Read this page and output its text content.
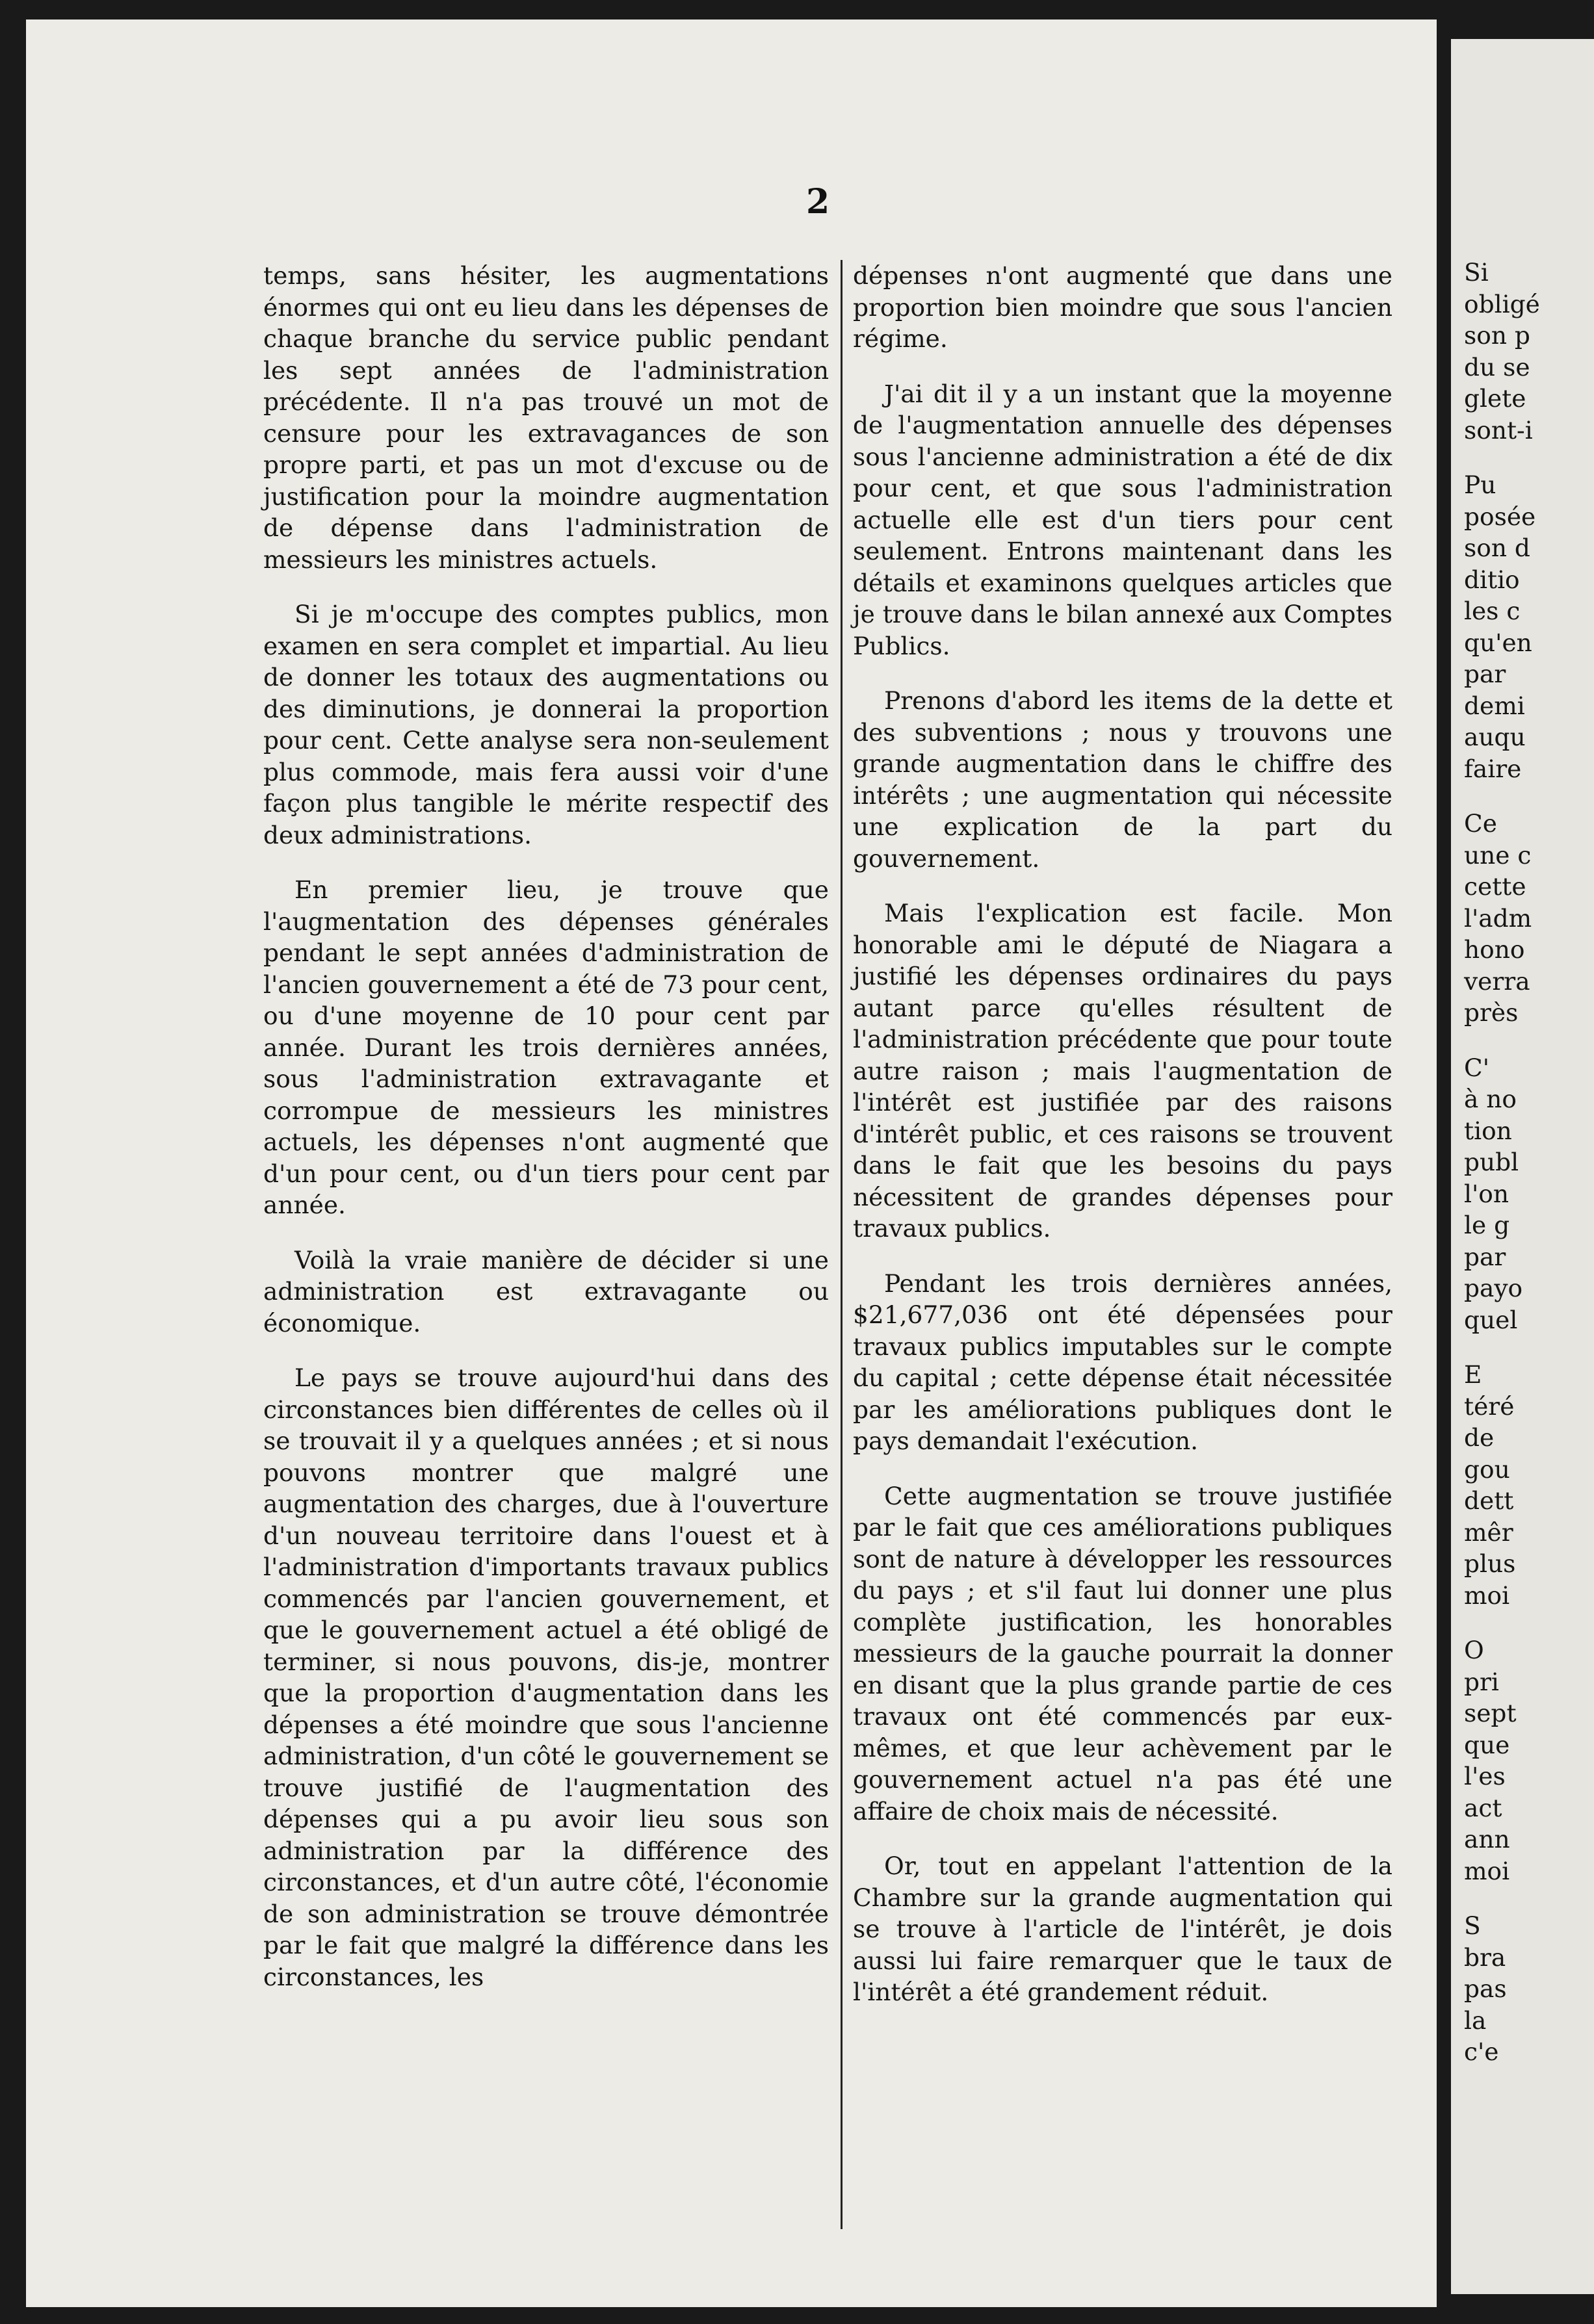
2

temps, sans hésiter, les augmentations énormes qui ont eu lieu dans les dépenses de chaque branche du service public pendant les sept années de l'administration précédente. Il n'a pas trouvé un mot de censure pour les extravagances de son propre parti, et pas un mot d'excuse ou de justification pour la moindre augmentation de dépense dans l'administration de messieurs les ministres actuels.

Si je m'occupe des comptes publics, mon examen en sera complet et impartial. Au lieu de donner les totaux des augmentations ou des diminutions, je donnerai la proportion pour cent. Cette analyse sera non-seulement plus commode, mais fera aussi voir d'une façon plus tangible le mérite respectif des deux administrations.

En premier lieu, je trouve que l'augmentation des dépenses générales pendant le sept années d'administration de l'ancien gouvernement a été de 73 pour cent, ou d'une moyenne de 10 pour cent par année. Durant les trois dernières années, sous l'administration extravagante et corrompue de messieurs les ministres actuels, les dépenses n'ont augmenté que d'un pour cent, ou d'un tiers pour cent par année.

Voilà la vraie manière de décider si une administration est extravagante ou économique.

Le pays se trouve aujourd'hui dans des circonstances bien différentes de celles où il se trouvait il y a quelques années ; et si nous pouvons montrer que malgré une augmentation des charges, due à l'ouverture d'un nouveau territoire dans l'ouest et à l'administration d'importants travaux publics commencés par l'ancien gouvernement, et que le gouvernement actuel a été obligé de terminer, si nous pouvons, dis-je, montrer que la proportion d'augmentation dans les dépenses a été moindre que sous l'ancienne administration, d'un côté le gouvernement se trouve justifié de l'augmentation des dépenses qui a pu avoir lieu sous son administration par la différence des circonstances, et d'un autre côté, l'économie de son administration se trouve démontrée par le fait que malgré la différence dans les circonstances, les

dépenses n'ont augmenté que dans une proportion bien moindre que sous l'ancien régime.

J'ai dit il y a un instant que la moyenne de l'augmentation annuelle des dépenses sous l'ancienne administration a été de dix pour cent, et que sous l'administration actuelle elle est d'un tiers pour cent seulement. Entrons maintenant dans les détails et examinons quelques articles que je trouve dans le bilan annexé aux Comptes Publics.

Prenons d'abord les items de la dette et des subventions ; nous y trouvons une grande augmentation dans le chiffre des intérêts ; une augmentation qui nécessite une explication de la part du gouvernement.

Mais l'explication est facile. Mon honorable ami le député de Niagara a justifié les dépenses ordinaires du pays autant parce qu'elles résultent de l'administration précédente que pour toute autre raison ; mais l'augmentation de l'intérêt est justifiée par des raisons d'intérêt public, et ces raisons se trouvent dans le fait que les besoins du pays nécessitent de grandes dépenses pour travaux publics.

Pendant les trois dernières années, $21,677,036 ont été dépensées pour travaux publics imputables sur le compte du capital ; cette dépense était nécessitée par les améliorations publiques dont le pays demandait l'exécution.

Cette augmentation se trouve justifiée par le fait que ces améliorations publiques sont de nature à développer les ressources du pays ; et s'il faut lui donner une plus complète justification, les honorables messieurs de la gauche pourrait la donner en disant que la plus grande partie de ces travaux ont été commencés par eux-mêmes, et que leur achèvement par le gouvernement actuel n'a pas été une affaire de choix mais de nécessité.

Or, tout en appelant l'attention de la Chambre sur la grande augmentation qui se trouve à l'article de l'intérêt, je dois aussi lui faire remarquer que le taux de l'intérêt a été grandement réduit.

Si
obligé
son p
du se
glete
sont-i
Pu
posée
son d
ditio
les c
qu'en
par
demi
auqu
faire
Ce
une c
cette
l'adm
hono
verra
près
C'
à no
tion
publ
l'on
le g
par
payo
quel
E
téré
de
gou
dett
mêr
plus
moi
O
pri
sept
que
l'es
act
ann
moi
S
bra
pas
la
c'e
